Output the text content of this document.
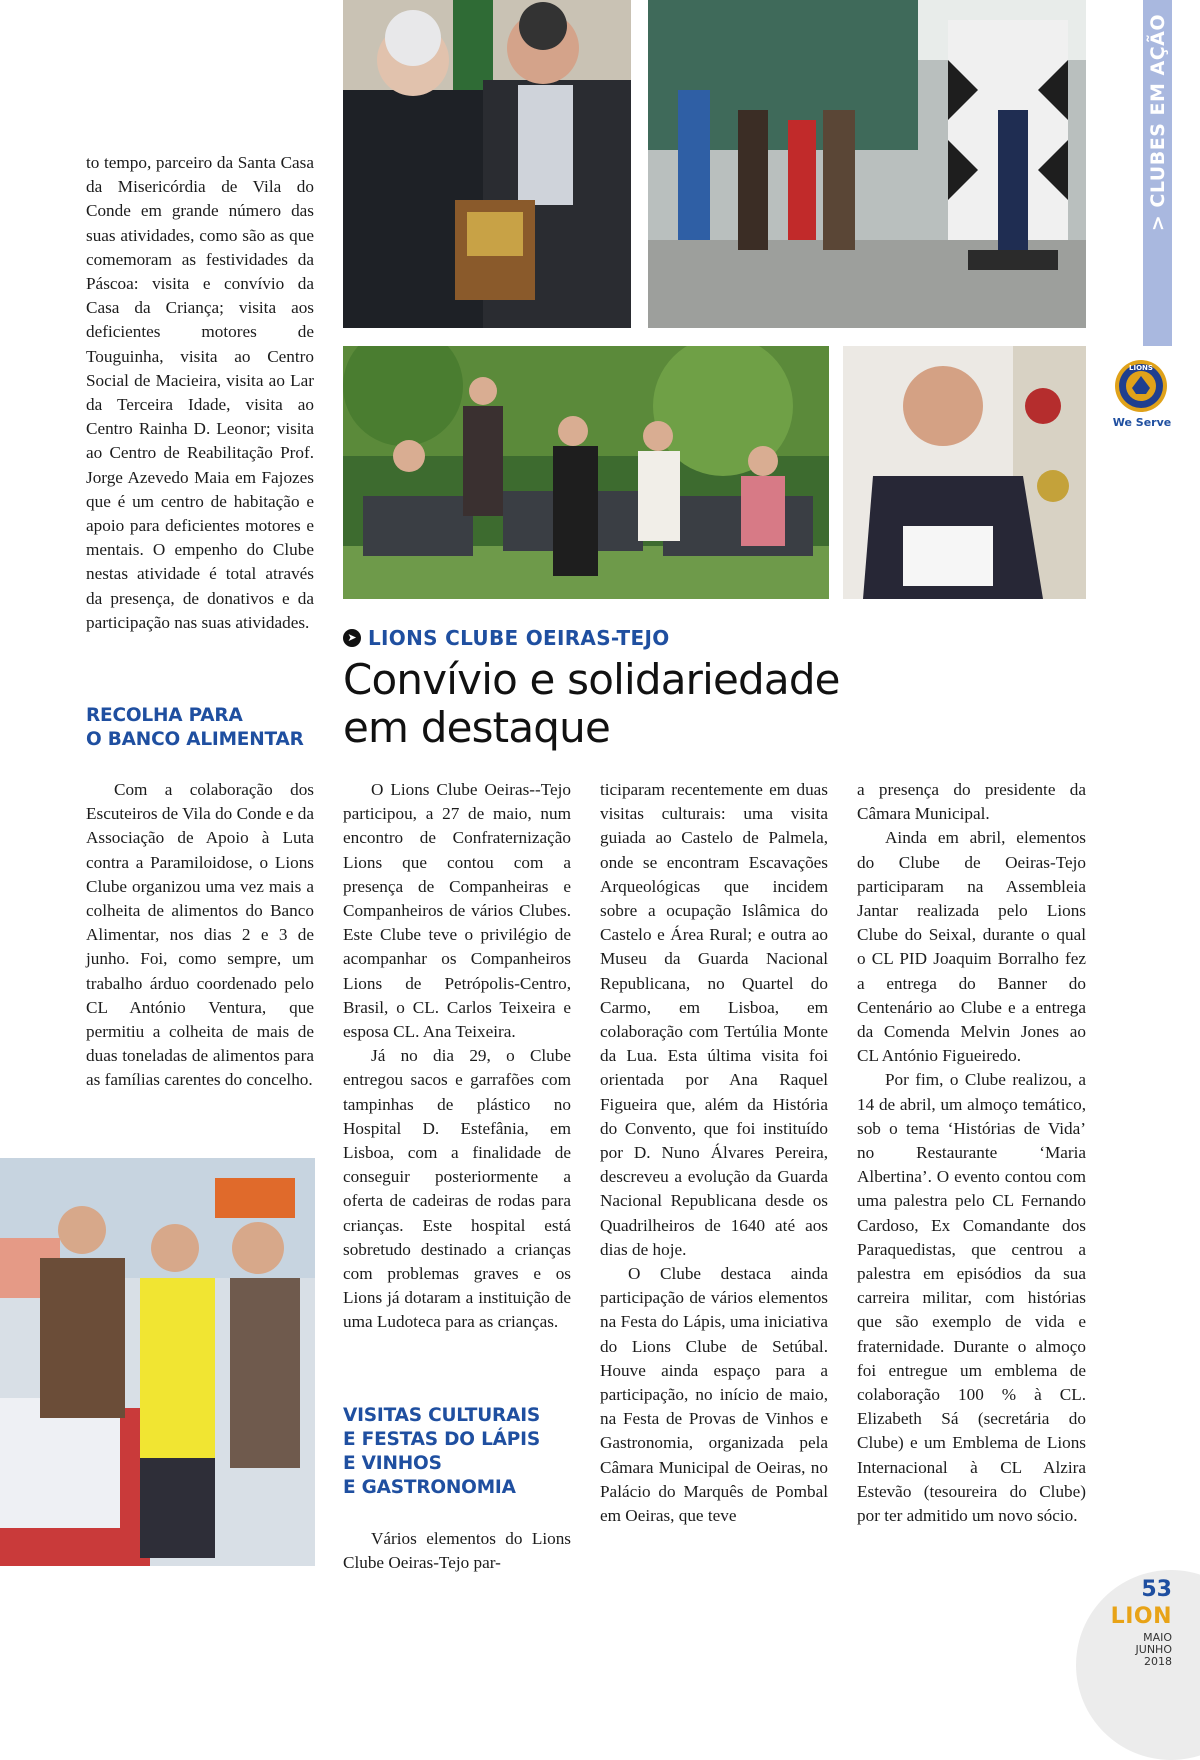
> CLUBES EM AÇÃO
LIONS
We Serve

to tempo, parceiro da Santa Casa da Misericórdia de Vila do Conde em grande número das suas atividades, como são as que comemoram as festividades da Páscoa: visita e convívio da Casa da Criança; visita aos deficientes motores de Touguinha, visita ao Centro Social de Macieira, visita ao Lar da Terceira Idade, visita ao Centro Rainha D. Leonor; visita ao Centro de Reabilitação Prof. Jorge Azevedo Maia em Fajozes que é um centro de habitação e apoio para deficientes motores e mentais. O empenho do Clube nestas atividade é total através da presença, de donativos e da participação nas suas atividades.

RECOLHA PARA
O BANCO ALIMENTAR

Com a colaboração dos Escuteiros de Vila do Conde e da Associação de Apoio à Luta contra a Paramiloidose, o Lions Clube organizou uma vez mais a colheita de alimentos do Banco Alimentar, nos dias 2 e 3 de junho. Foi, como sempre, um trabalho árduo coordenado pelo CL António Ventura, que permitiu a colheita de mais de duas toneladas de alimentos para as famílias carentes do concelho.

➤ LIONS CLUBE OEIRAS-TEJO
Convívio e solidariedade
em destaque

O Lions Clube Oeiras--Tejo participou, a 27 de maio, num encontro de Confraternização Lions que contou com a presença de Companheiras e Companheiros de vários Clubes. Este Clube teve o privilégio de acompanhar os Companheiros Lions de Petrópolis-Centro, Brasil, o CL. Carlos Teixeira e esposa CL. Ana Teixeira.

Já no dia 29, o Clube entregou sacos e garrafões com tampinhas de plástico no Hospital D. Estefânia, em Lisboa, com a finalidade de conseguir posteriormente a oferta de cadeiras de rodas para crianças. Este hospital está sobretudo destinado a crianças com problemas graves e os Lions já dotaram a instituição de uma Ludoteca para as crianças.

VISITAS CULTURAIS
E FESTAS DO LÁPIS
E VINHOS
E GASTRONOMIA

Vários elementos do Lions Clube Oeiras-Tejo par-

ticiparam recentemente em duas visitas culturais: uma visita guiada ao Castelo de Palmela, onde se encontram Escavações Arqueológicas que incidem sobre a ocupação Islâmica do Castelo e Área Rural; e outra ao Museu da Guarda Nacional Republicana, no Quartel do Carmo, em Lisboa, em colaboração com Tertúlia Monte da Lua. Esta última visita foi orientada por Ana Raquel Figueira que, além da História do Convento, que foi instituído por D. Nuno Álvares Pereira, descreveu a evolução da Guarda Nacional Republicana desde os Quadrilheiros de 1640 até aos dias de hoje.

O Clube destaca ainda participação de vários elementos na Festa do Lápis, uma iniciativa do Lions Clube de Setúbal. Houve ainda espaço para a participação, no início de maio, na Festa de Provas de Vinhos e Gastronomia, organizada pela Câmara Municipal de Oeiras, no Palácio do Marquês de Pombal em Oeiras, que teve

a presença do presidente da Câmara Municipal.

Ainda em abril, elementos do Clube de Oeiras-Tejo participaram na Assembleia Jantar realizada pelo Lions Clube do Seixal, durante o qual o CL PID Joaquim Borralho fez a entrega do Banner do Centenário ao Clube e a entrega da Comenda Melvin Jones ao CL António Figueiredo.

Por fim, o Clube realizou, a 14 de abril, um almoço temático, sob o tema ‘Histórias de Vida’ no Restaurante ‘Maria Albertina’. O evento contou com uma palestra pelo CL Fernando Cardoso, Ex Comandante dos Paraquedistas, que centrou a palestra em episódios da sua carreira militar, com histórias que são exemplo de vida e fraternidade. Durante o almoço foi entregue um emblema de colaboração 100 % à CL. Elizabeth Sá (secretária do Clube) e um Emblema de Lions Internacional à CL Alzira Estevão (tesoureira do Clube) por ter admitido um novo sócio.

53
LION
MAIO
JUNHO
2018
